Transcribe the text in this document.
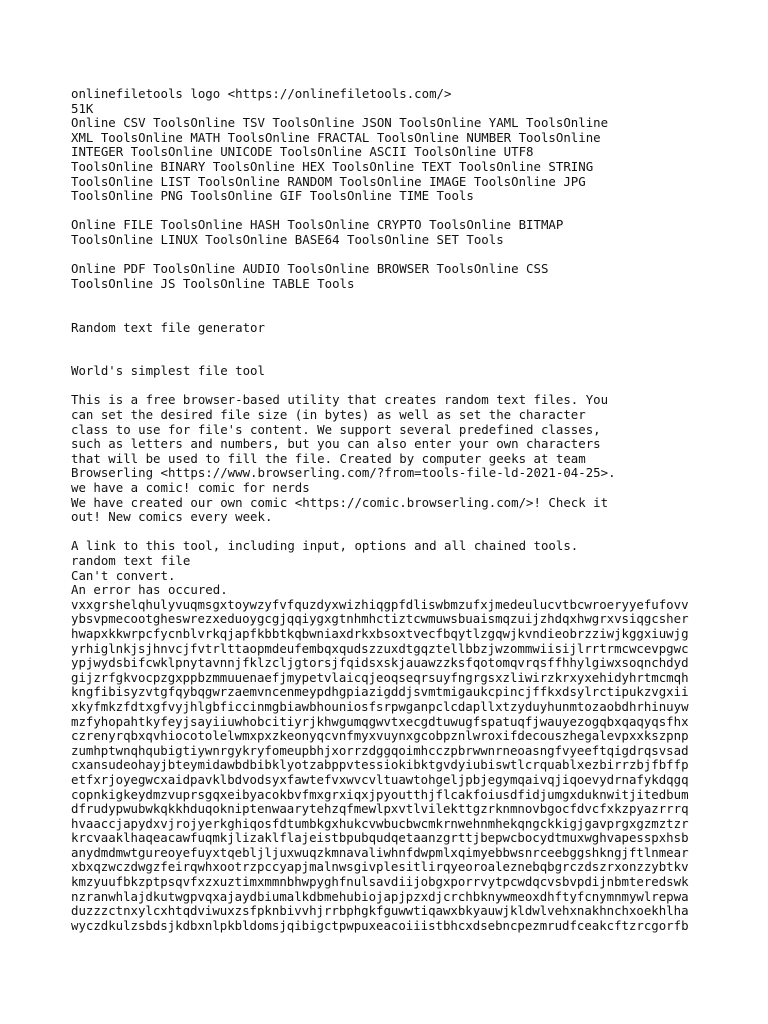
onlinefiletools logo <https://onlinefiletools.com/>
51K
Online CSV ToolsOnline TSV ToolsOnline JSON ToolsOnline YAML ToolsOnline
XML ToolsOnline MATH ToolsOnline FRACTAL ToolsOnline NUMBER ToolsOnline
INTEGER ToolsOnline UNICODE ToolsOnline ASCII ToolsOnline UTF8
ToolsOnline BINARY ToolsOnline HEX ToolsOnline TEXT ToolsOnline STRING
ToolsOnline LIST ToolsOnline RANDOM ToolsOnline IMAGE ToolsOnline JPG
ToolsOnline PNG ToolsOnline GIF ToolsOnline TIME Tools
Online FILE ToolsOnline HASH ToolsOnline CRYPTO ToolsOnline BITMAP
ToolsOnline LINUX ToolsOnline BASE64 ToolsOnline SET Tools
Online PDF ToolsOnline AUDIO ToolsOnline BROWSER ToolsOnline CSS
ToolsOnline JS ToolsOnline TABLE Tools
Random text file generator
World's simplest file tool
This is a free browser-based utility that creates random text files. You
can set the desired file size (in bytes) as well as set the character
class to use for file's content. We support several predefined classes,
such as letters and numbers, but you can also enter your own characters
that will be used to fill the file. Created by computer geeks at team
Browserling <https://www.browserling.com/?from=tools-file-ld-2021-04-25>.
we have a comic! comic for nerds
We have created our own comic <https://comic.browserling.com/>! Check it
out! New comics every week.
A link to this tool, including input, options and all chained tools.
random text file
Can't convert.
An error has occured.
vxxgrshelqhulyvuqmsgxtoywzyfvfquzdyxwizhiqgpfdliswbmzufxjmedeulucvtbcwroeryyefufovv
ybsvpmecootgheswrezxeduoygcgjqqiygxgtnhmhctiztcwmuwsbuaismqzuijzhdqxhwgrxvsiqgcsher
hwapxkkwrpcfycnblvrkqjapfkbbtkqbwniaxdrkxbsoxtvecfbqytlzgqwjkvndieobrzziwjkggxiuwjg
yrhiglnkjsjhnvcjfvtrlttaopmdeufembqxqudszzuxdtgqztellbbzjwzommwiisijlrrtrmcwcevpgwc
ypjwydsbifcwklpnytavnnjfklzcljgtorsjfqidsxskjauawzzksfqotomqvrqsffhhylgiwxsoqnchdyd
gijzrfgkvocpzgxppbzmmuuenaefjmypetvlaicqjeoqseqrsuyfngrgsxzliwirzkrxyxehidyhrtmcmqh
kngfibisyzvtgfqybqgwrzaemvncenmeypdhgpiazigddjsvmtmigaukcpincjffkxdsylrctipukzvgxii
xkyfmkzfdtxgfvyjhlgbficcinmgbiawbhouniosfsrpwganpclcdapllxtzyduyhunmtozaobdhrhinuyw
mzfyhopahtkyfeyjsayiiuwhobcitiyrjkhwgumqgwvtxecgdtuwugfspatuqfjwauyezogqbxqaqyqsfhx
czrenyrqbxqvhiocotolelwmxpxzkeonyqcvnfmyxvuynxgcobpznlwroxifdecouszhegalevpxxkszpnp
zumhptwnqhqubigtiywnrgykryfomeupbhjxorrzdggqoimhcczpbrwwnrneoasngfvyeeftqigdrqsvsad
cxansudeohayjbteymidawbdbibklyotzabppvtessiokibktgvdyiubiswtlcrquablxezbirrzbjfbffp
etfxrjoyegwcxaidpavklbdvodsyxfawtefvxwvcvltuawtohgeljpbjegymqaivqjiqoevydrnafykdqgq
copnkigkeydmzvuprsgqxeibyacokbvfmxgrxiqxjpyoutthjflcakfoiusdfidjumgxduknwitjitedbum
dfrudypwubwkqkkhduqokniptenwaarytehzqfmewlpxvtlvilekttgzrknmnovbgocfdvcfxkzpyazrrrq
hvaaccjapydxvjrojyerkghiqosfdtumbkgxhukcvwbucbwcmkrnwehnmhekqngckkigjgavprgxgzmztzr
krcvaaklhaqeacawfuqmkjlizaklflajeistbpubqudqetaanzgrttjbepwcbocydtmuxwghvapesspxhsb
anydmdmwtgureoyefuyxtqebljljuxwuqzkmnavaliwhnfdwpmlxqimyebbwsnrceebggshkngjftlnmear
xbxqzwczdwgzfeirqwhxootrzpccyapjmalnwsgivplesitlirqyeoroaleznebqbgrczdszrxonzzybtkv
kmzyuufbkzptpsqvfxzxuztimxmmnbhwpyghfnulsavdiijobgxporrvytpcwdqcvsbvpdijnbmteredswk
nzranwhlajdkutwgpvqxajaydbiumalkdbmehubiojapjpzxdjcrchbknywmeoxdhftyfcnymnmywlrepwa
duzzzctnxylcxhtqdviwuxzsfpknbivvhjrrbphgkfguwwtiqawxbkyauwjkldwlvehxnakhnchxoekhlha
wyczdkulzsbdsjkdbxnlpkbldomsjqibigctpwpuxeacoiiistbhcxdsebncpezmrudfceakcftzrcgorfb
